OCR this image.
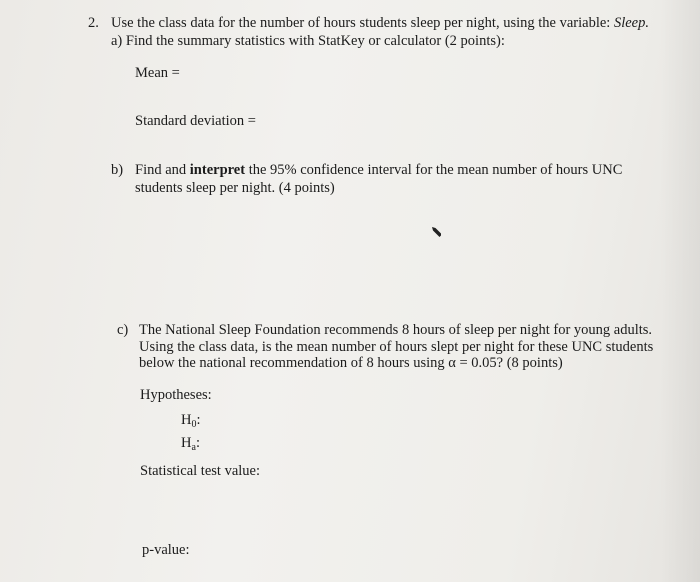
2. Use the class data for the number of hours students sleep per night, using the variable: Sleep.
a) Find the summary statistics with StatKey or calculator (2 points):
Mean =
Standard deviation =
b) Find and interpret the 95% confidence interval for the mean number of hours UNC
students sleep per night. (4 points)
c) The National Sleep Foundation recommends 8 hours of sleep per night for young adults.
Using the class data, is the mean number of hours slept per night for these UNC students
below the national recommendation of 8 hours using α = 0.05? (8 points)
Hypotheses:
$H_0$:
$H_a$:
Statistical test value:
p-value:
